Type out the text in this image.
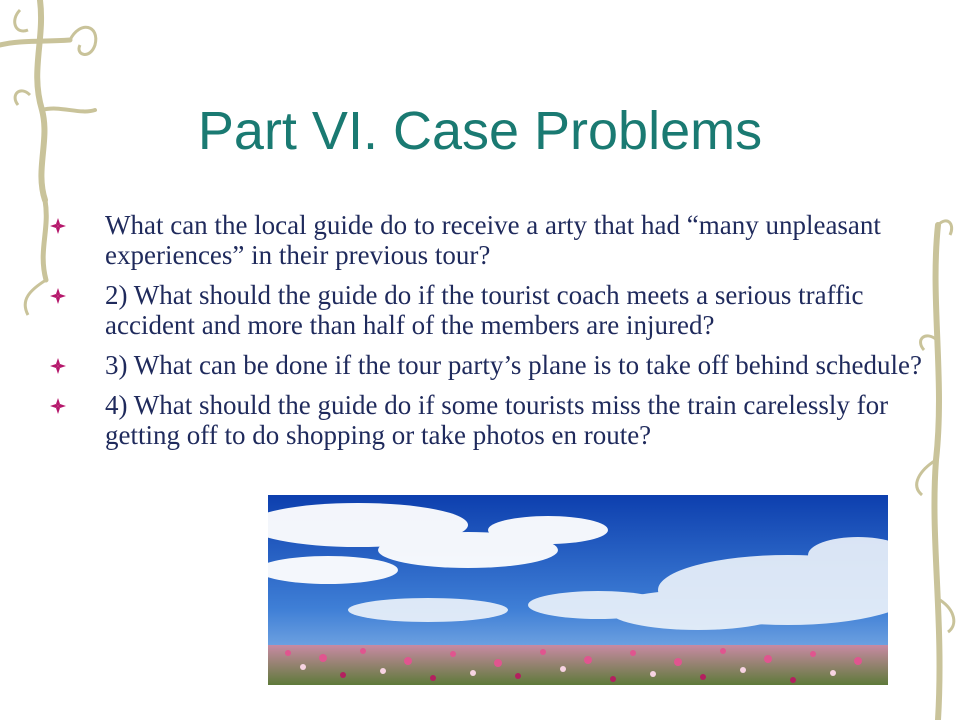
Part VI. Case Problems
What can the local guide do to receive a arty that had “many unpleasant experiences” in their previous tour?
2) What should the guide do if the tourist coach meets a serious traffic accident and more than half of the members are injured?
3) What can be done if the tour party’s plane is to take off behind schedule?
4) What should the guide do if some tourists miss the train carelessly for getting off to do shopping or take photos en route?
